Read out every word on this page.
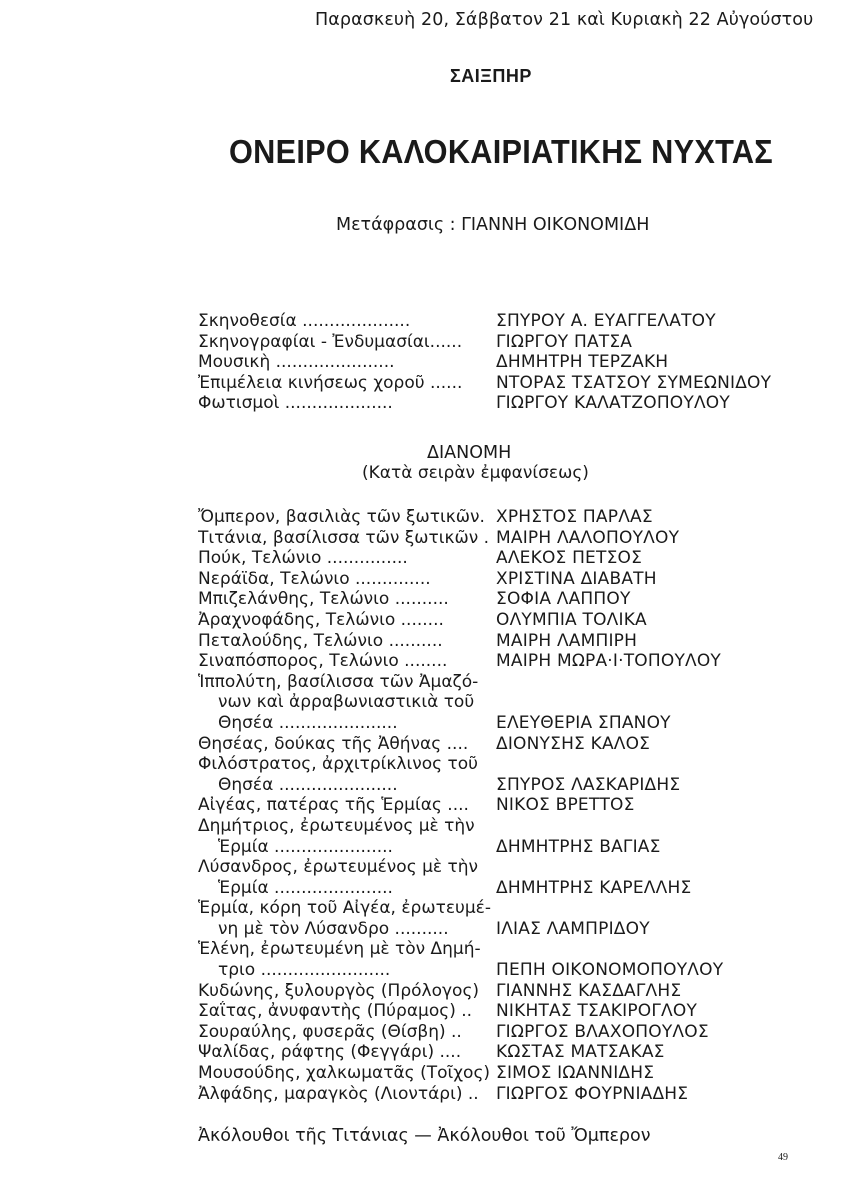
Παρασκευὴ 20, Σάββατον 21 καὶ Κυριακὴ 22 Αὐγούστου
ΣΑΙΞΠΗΡ
ΟΝΕΙΡΟ ΚΑΛΟΚΑΙΡΙΑΤΙΚΗΣ ΝΥΧΤΑΣ
Μετάφρασις : ΓΙΑΝΝΗ ΟΙΚΟΝΟΜΙΔΗ
Σκηνοθεσία ....................	ΣΠΥΡΟΥ Α. ΕΥΑΓΓΕΛΑΤΟΥ
Σκηνογραφίαι - Ἐνδυμασίαι......	ΓΙΩΡΓΟΥ ΠΑΤΣΑ
Μουσικὴ ......................	ΔΗΜΗΤΡΗ ΤΕΡΖΑΚΗ
Ἐπιμέλεια κινήσεως χοροῦ ......	ΝΤΟΡΑΣ ΤΣΑΤΣΟΥ ΣΥΜΕΩΝΙΔΟΥ
Φωτισμοὶ ....................	ΓΙΩΡΓΟΥ ΚΑΛΑΤΖΟΠΟΥΛΟΥ
ΔΙΑΝΟΜΗ
(Κατὰ σειρὰν ἐμφανίσεως)
Ὄμπερον, βασιλιὰς τῶν ξωτικῶν. ΧΡΗΣΤΟΣ ΠΑΡΛΑΣ
Τιτάνια, βασίλισσα τῶν ξωτικῶν . ΜΑΙΡΗ ΛΑΛΟΠΟΥΛΟΥ
Πούκ, Τελώνιο ...............	ΑΛΕΚΟΣ ΠΕΤΣΟΣ
Νεράϊδα, Τελώνιο ..............	ΧΡΙΣΤΙΝΑ ΔΙΑΒΑΤΗ
Μπιζελάνθης, Τελώνιο ..........	ΣΟΦΙΑ ΛΑΠΠΟΥ
Ἀραχνοφάδης, Τελώνιο ........	ΟΛΥΜΠΙΑ ΤΟΛΙΚΑ
Πεταλούδης, Τελώνιο ..........	ΜΑΙΡΗ ΛΑΜΠΙΡΗ
Σιναπόσπορος, Τελώνιο ........	ΜΑΙΡΗ ΜΩΡΑ·Ι·ΤΟΠΟΥΛΟΥ
Ἱππολύτη, βασίλισσα τῶν Ἀμαζό-
νων καὶ ἀρραβωνιαστικιὰ τοῦ
Θησέα ......................	ΕΛΕΥΘΕΡΙΑ ΣΠΑΝΟΥ
Θησέας, δούκας τῆς Ἀθήνας ....	ΔΙΟΝΥΣΗΣ ΚΑΛΟΣ
Φιλόστρατος, ἀρχιτρίκλινος τοῦ
Θησέα ......................	ΣΠΥΡΟΣ ΛΑΣΚΑΡΙΔΗΣ
Αἰγέας, πατέρας τῆς Ἑρμίας ....	ΝΙΚΟΣ ΒΡΕΤΤΟΣ
Δημήτριος, ἐρωτευμένος μὲ τὴν
Ἑρμία ......................	ΔΗΜΗΤΡΗΣ ΒΑΓΙΑΣ
Λύσανδρος, ἐρωτευμένος μὲ τὴν
Ἑρμία ......................	ΔΗΜΗΤΡΗΣ ΚΑΡΕΛΛΗΣ
Ἑρμία, κόρη τοῦ Αἰγέα, ἐρωτευμέ-
νη μὲ τὸν Λύσανδρο ..........	ΙΛΙΑΣ ΛΑΜΠΡΙΔΟΥ
Ἑλένη, ἐρωτευμένη μὲ τὸν Δημή-
τριο ........................	ΠΕΠΗ ΟΙΚΟΝΟΜΟΠΟΥΛΟΥ
Κυδώνης, ξυλουργὸς (Πρόλογος) ΓΙΑΝΝΗΣ ΚΑΣΔΑΓΛΗΣ
Σαΐτας, ἀνυφαντὴς (Πύραμος) ..	ΝΙΚΗΤΑΣ ΤΣΑΚΙΡΟΓΛΟΥ
Σουραύλης, φυσερᾶς (Θίσβη) ..	ΓΙΩΡΓΟΣ ΒΛΑΧΟΠΟΥΛΟΣ
Ψαλίδας, ράφτης (Φεγγάρι) ....	ΚΩΣΤΑΣ ΜΑΤΣΑΚΑΣ
Μουσούδης, χαλκωματᾶς (Τοῖχος) ΣΙΜΟΣ ΙΩΑΝΝΙΔΗΣ
Ἀλφάδης, μαραγκὸς (Λιοντάρι) ..	ΓΙΩΡΓΟΣ ΦΟΥΡΝΙΑΔΗΣ
Ἀκόλουθοι τῆς Τιτάνιας — Ἀκόλουθοι τοῦ Ὄμπερον
49
